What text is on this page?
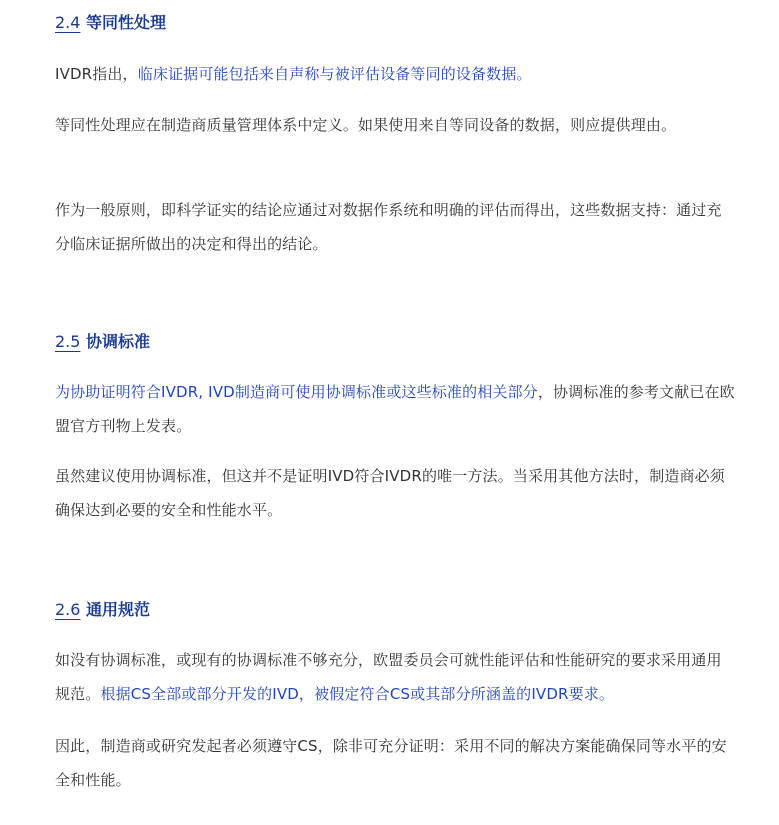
2.4 等同性处理

IVDR指出，临床证据可能包括来自声称与被评估设备等同的设备数据。

等同性处理应在制造商质量管理体系中定义。如果使用来自等同设备的数据，则应提供理由。

作为一般原则，即科学证实的结论应通过对数据作系统和明确的评估而得出，这些数据支持：通过充分临床证据所做出的决定和得出的结论。

2.5 协调标准

为协助证明符合IVDR, IVD制造商可使用协调标准或这些标准的相关部分，协调标准的参考文献已在欧盟官方刊物上发表。

虽然建议使用协调标准，但这并不是证明IVD符合IVDR的唯一方法。当采用其他方法时，制造商必须确保达到必要的安全和性能水平。

2.6 通用规范

如没有协调标准，或现有的协调标准不够充分，欧盟委员会可就性能评估和性能研究的要求采用通用规范。根据CS全部或部分开发的IVD，被假定符合CS或其部分所涵盖的IVDR要求。

因此，制造商或研究发起者必须遵守CS，除非可充分证明：采用不同的解决方案能确保同等水平的安全和性能。
